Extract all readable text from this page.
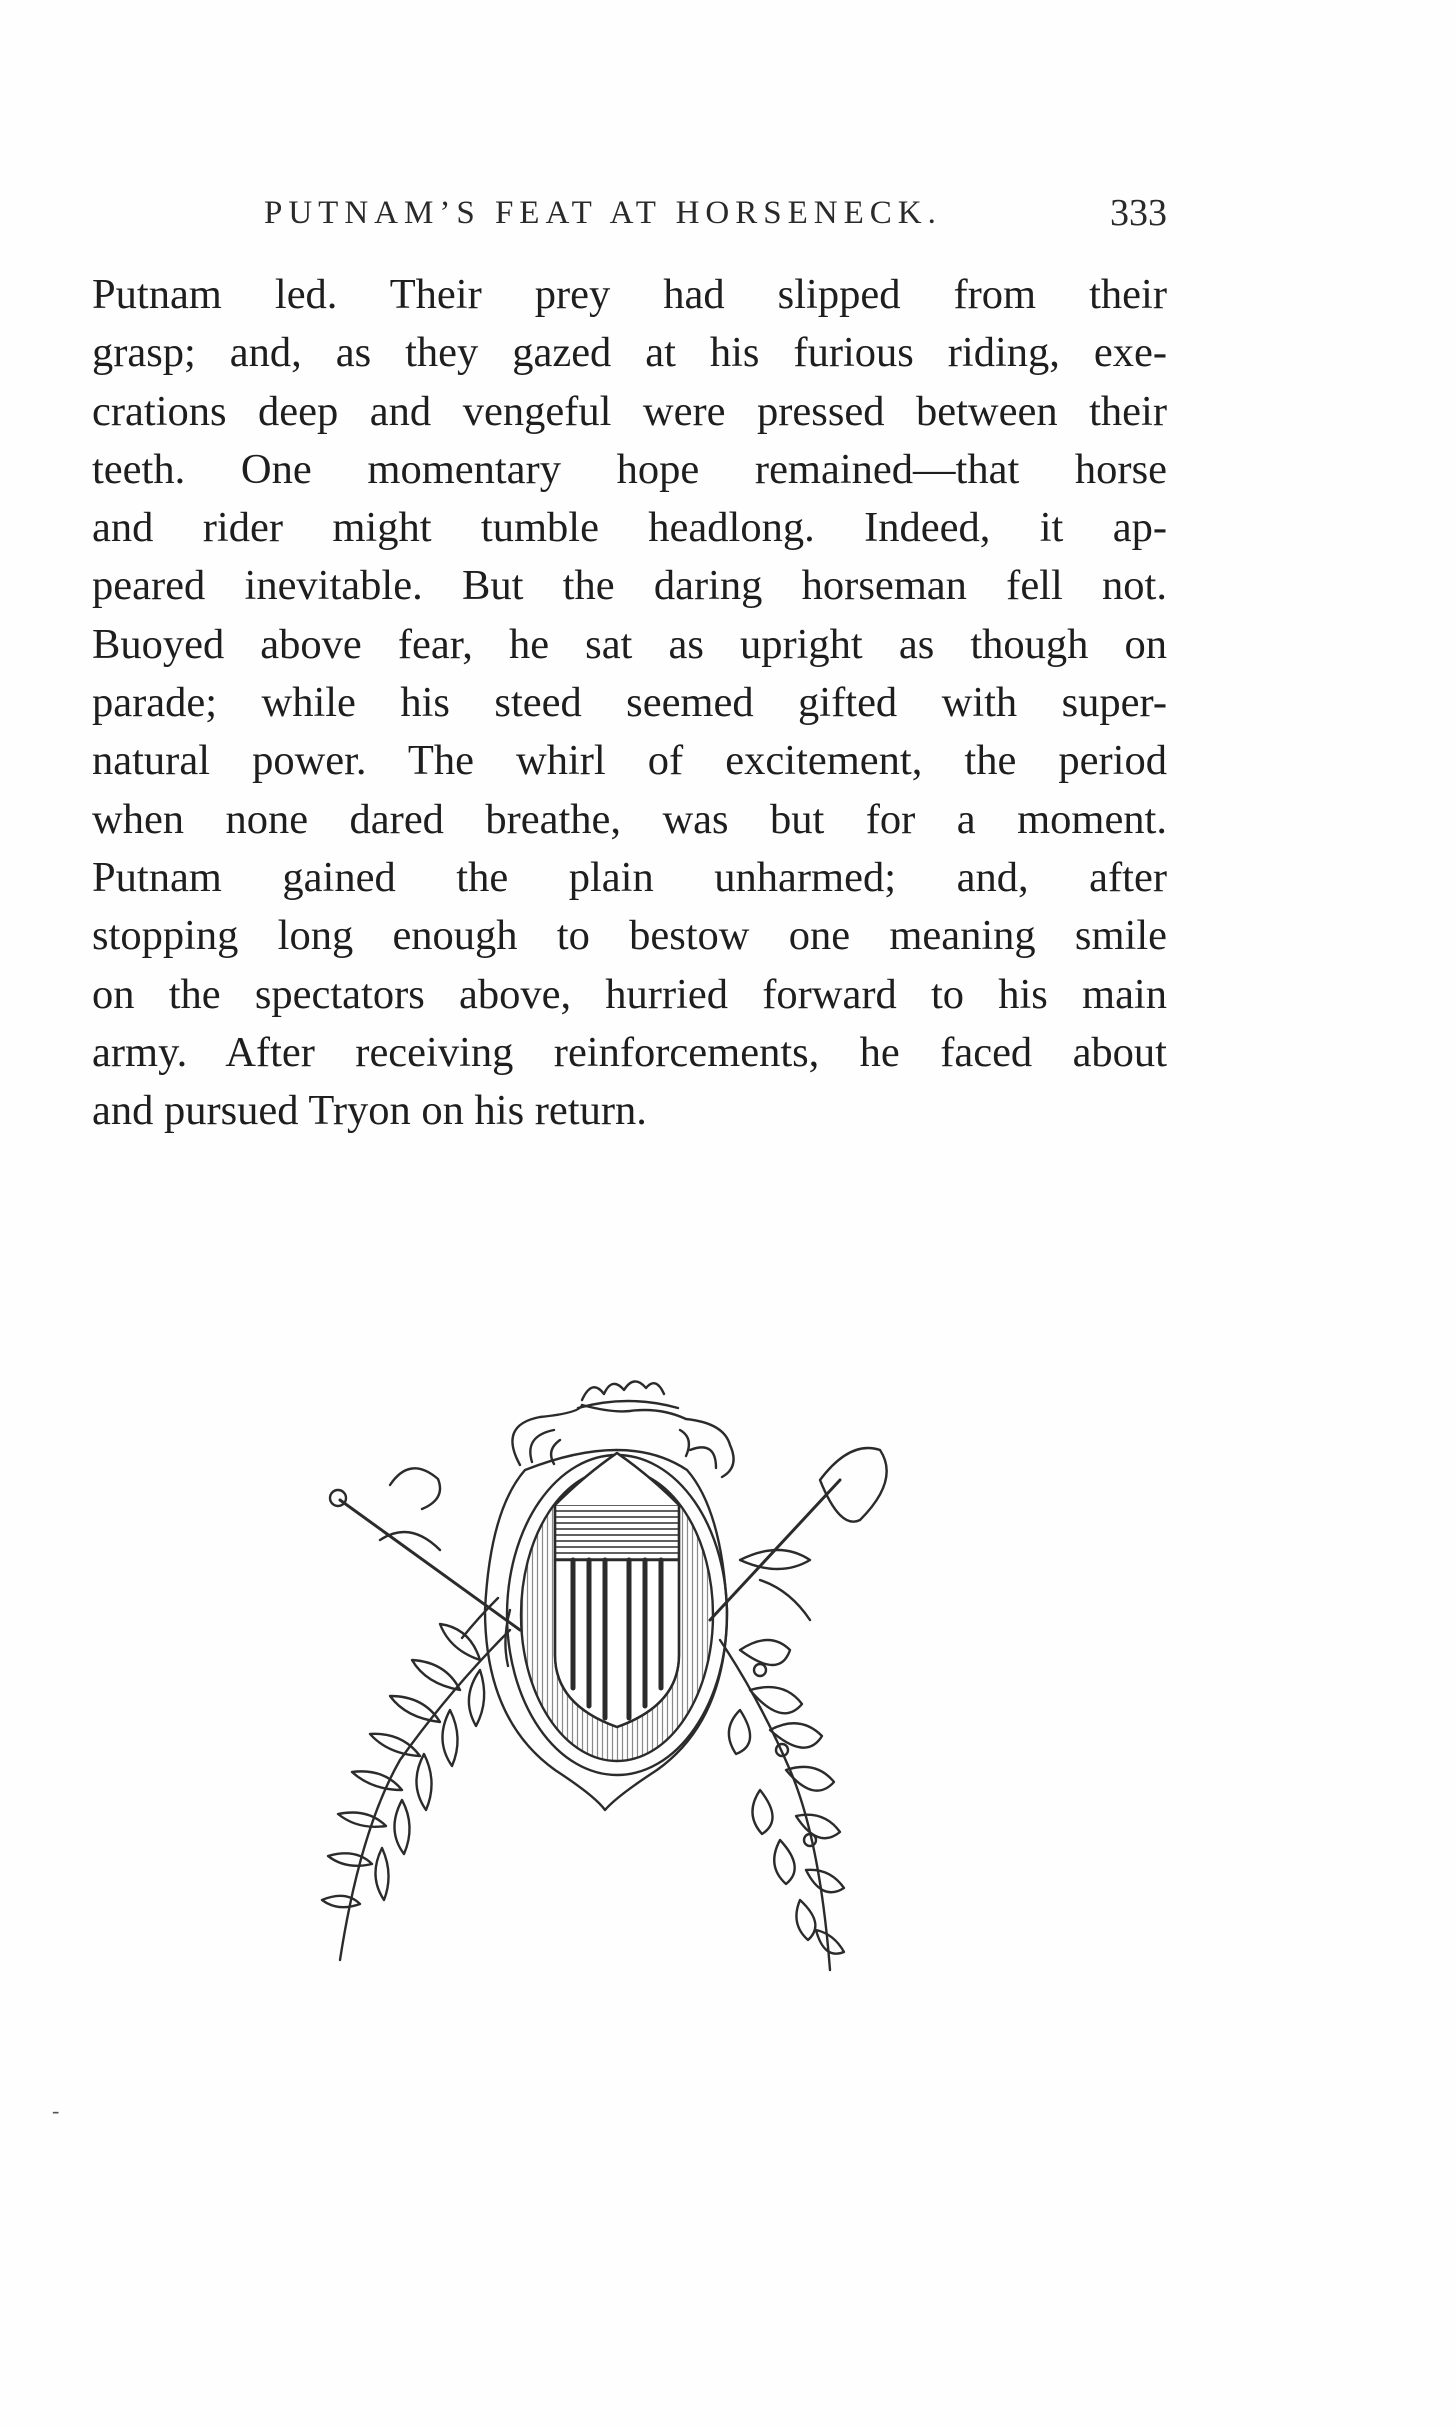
PUTNAM’S FEAT AT HORSENECK.	333
Putnam led. Their prey had slipped from their
grasp; and, as they gazed at his furious riding, exe-
crations deep and vengeful were pressed between their
teeth. One momentary hope remained—that horse
and rider might tumble headlong. Indeed, it ap-
peared inevitable. But the daring horseman fell not.
Buoyed above fear, he sat as upright as though on
parade; while his steed seemed gifted with super-
natural power. The whirl of excitement, the period
when none dared breathe, was but for a moment.
Putnam gained the plain unharmed; and, after
stopping long enough to bestow one meaning smile
on the spectators above, hurried forward to his main
army. After receiving reinforcements, he faced about
and pursued Tryon on his return.
‑
